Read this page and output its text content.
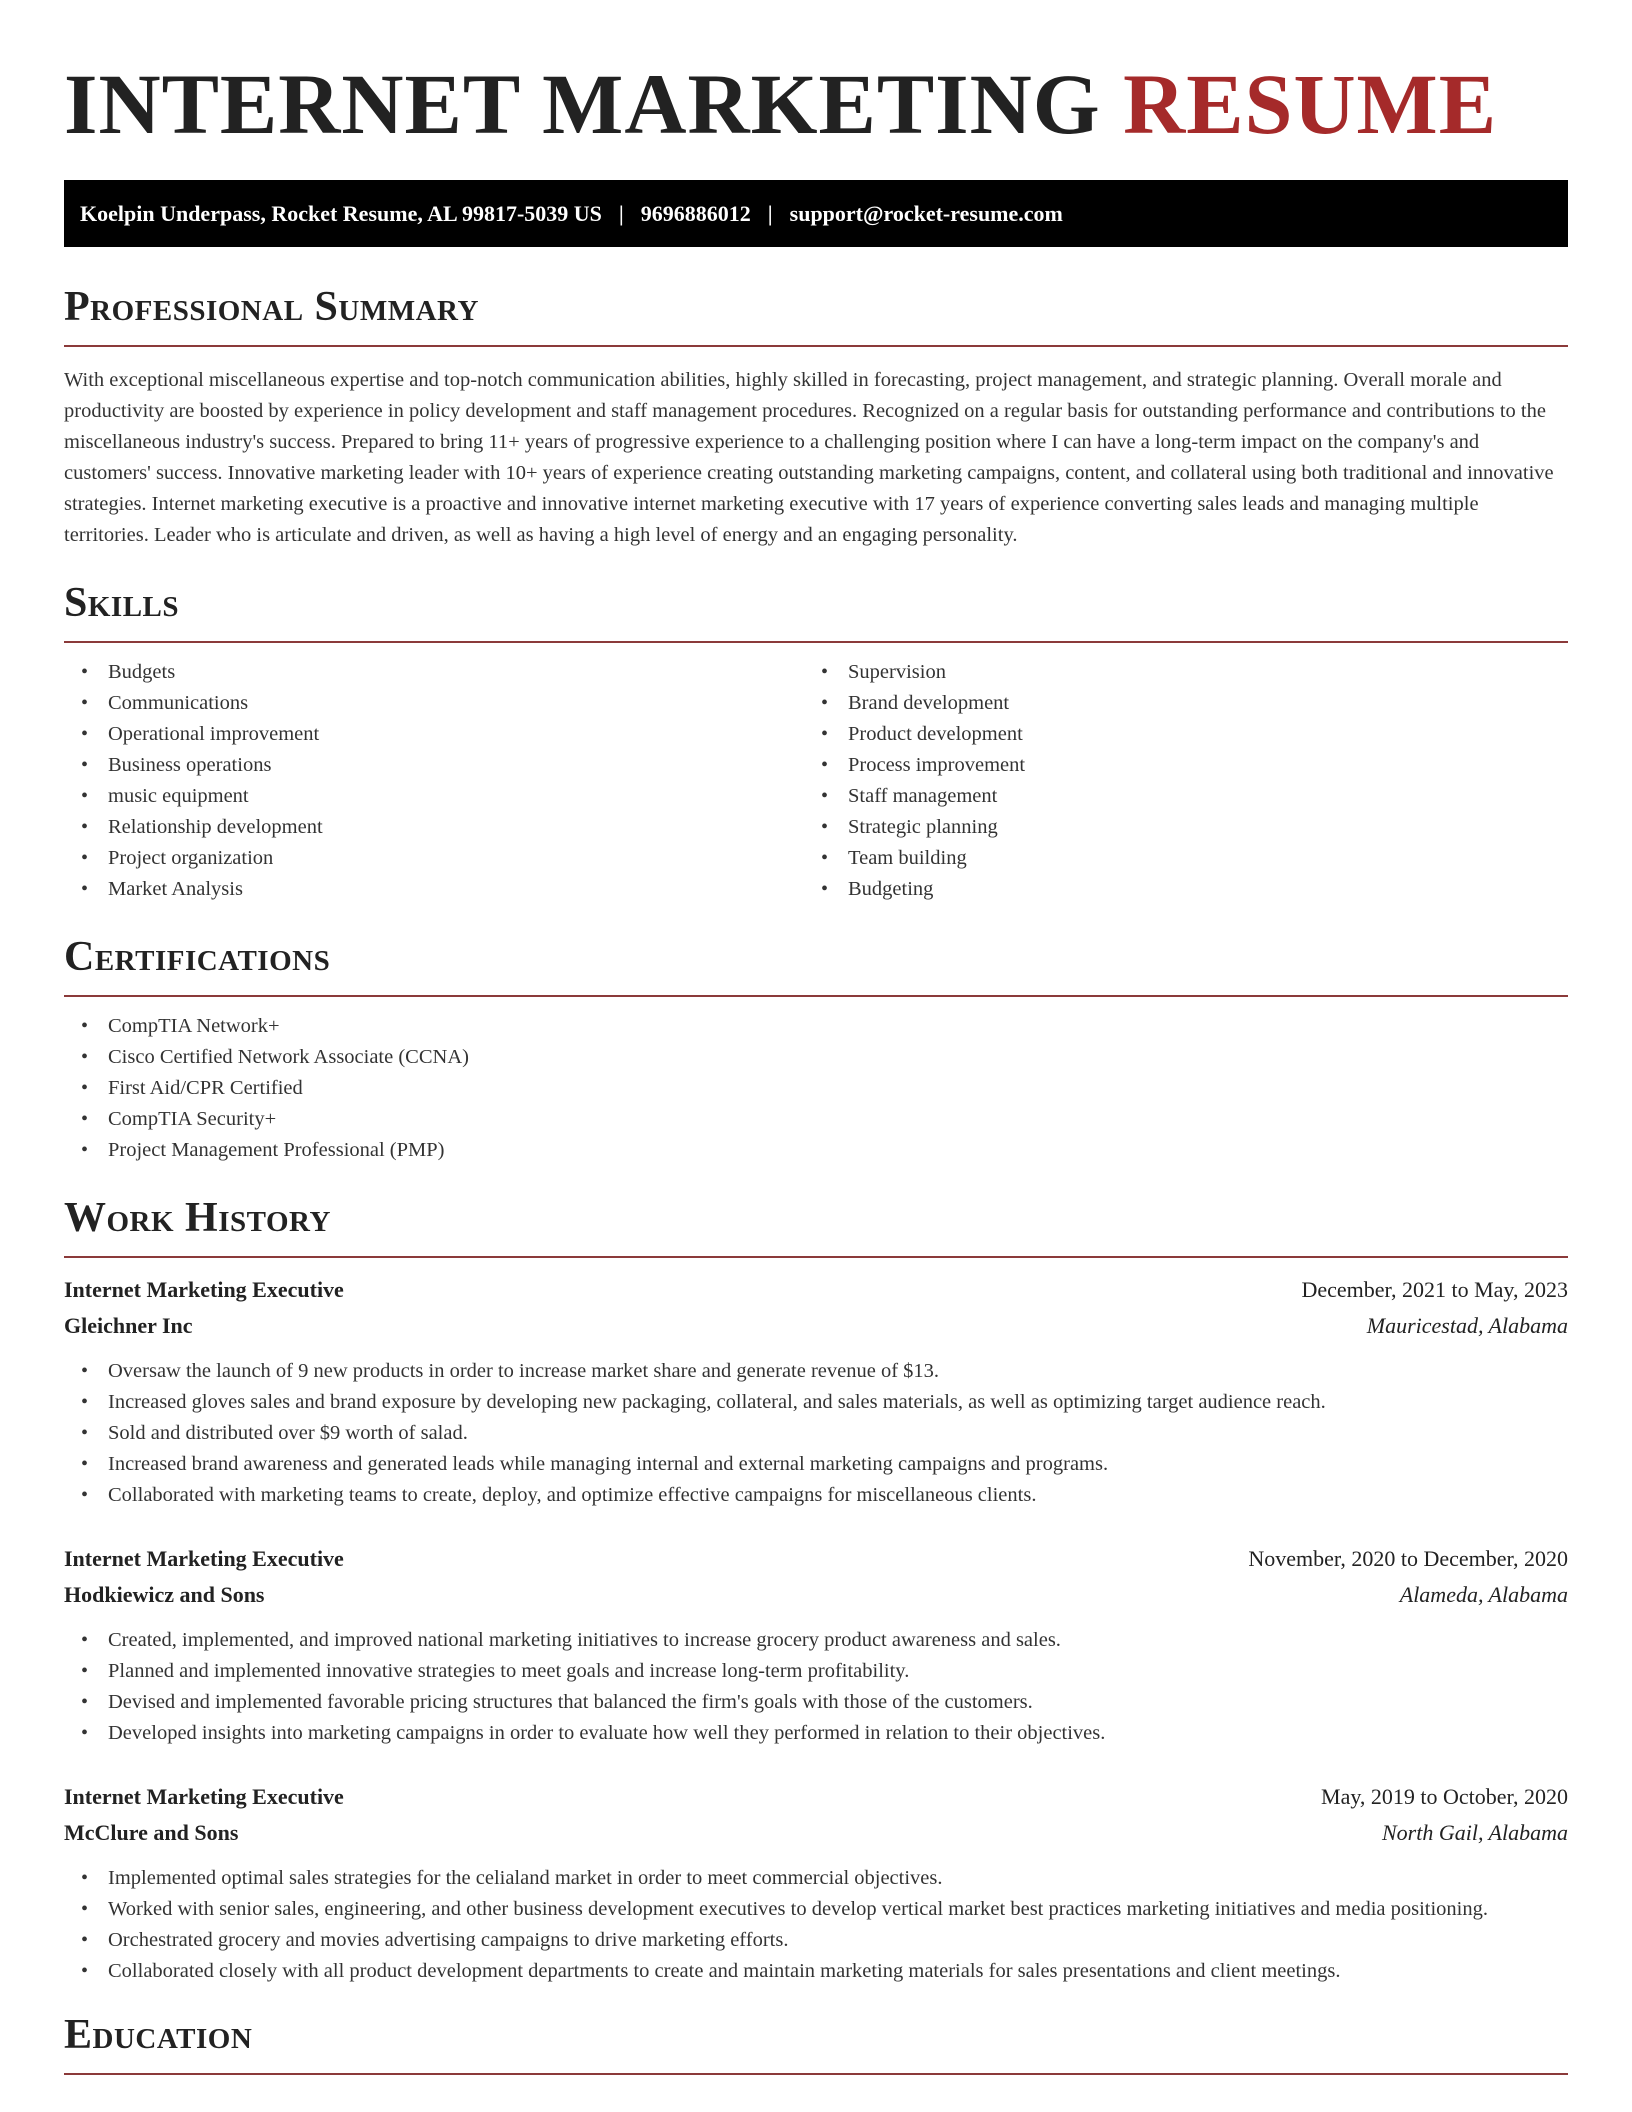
INTERNET MARKETING RESUME
Koelpin Underpass, Rocket Resume, AL 99817-5039 US | 9696886012 | support@rocket-resume.com
Professional Summary

With exceptional miscellaneous expertise and top-notch communication abilities, highly skilled in forecasting, project management, and strategic planning. Overall morale and productivity are boosted by experience in policy development and staff management procedures. Recognized on a regular basis for outstanding performance and contributions to the miscellaneous industry's success. Prepared to bring 11+ years of progressive experience to a challenging position where I can have a long-term impact on the company's and customers' success. Innovative marketing leader with 10+ years of experience creating outstanding marketing campaigns, content, and collateral using both traditional and innovative strategies. Internet marketing executive is a proactive and innovative internet marketing executive with 17 years of experience converting sales leads and managing multiple territories. Leader who is articulate and driven, as well as having a high level of energy and an engaging personality.

Skills
• Budgets
• Communications
• Operational improvement
• Business operations
• music equipment
• Relationship development
• Project organization
• Market Analysis
• Supervision
• Brand development
• Product development
• Process improvement
• Staff management
• Strategic planning
• Team building
• Budgeting
Certifications
• CompTIA Network+
• Cisco Certified Network Associate (CCNA)
• First Aid/CPR Certified
• CompTIA Security+
• Project Management Professional (PMP)
Work History
Internet Marketing Executive	December, 2021 to May, 2023
Gleichner Inc	Mauricestad, Alabama
• Oversaw the launch of 9 new products in order to increase market share and generate revenue of $13.
• Increased gloves sales and brand exposure by developing new packaging, collateral, and sales materials, as well as optimizing target audience reach.
• Sold and distributed over $9 worth of salad.
• Increased brand awareness and generated leads while managing internal and external marketing campaigns and programs.
• Collaborated with marketing teams to create, deploy, and optimize effective campaigns for miscellaneous clients.
Internet Marketing Executive	November, 2020 to December, 2020
Hodkiewicz and Sons	Alameda, Alabama
• Created, implemented, and improved national marketing initiatives to increase grocery product awareness and sales.
• Planned and implemented innovative strategies to meet goals and increase long-term profitability.
• Devised and implemented favorable pricing structures that balanced the firm's goals with those of the customers.
• Developed insights into marketing campaigns in order to evaluate how well they performed in relation to their objectives.
Internet Marketing Executive	May, 2019 to October, 2020
McClure and Sons	North Gail, Alabama
• Implemented optimal sales strategies for the celialand market in order to meet commercial objectives.
• Worked with senior sales, engineering, and other business development executives to develop vertical market best practices marketing initiatives and media positioning.
• Orchestrated grocery and movies advertising campaigns to drive marketing efforts.
• Collaborated closely with all product development departments to create and maintain marketing materials for sales presentations and client meetings.
Education
